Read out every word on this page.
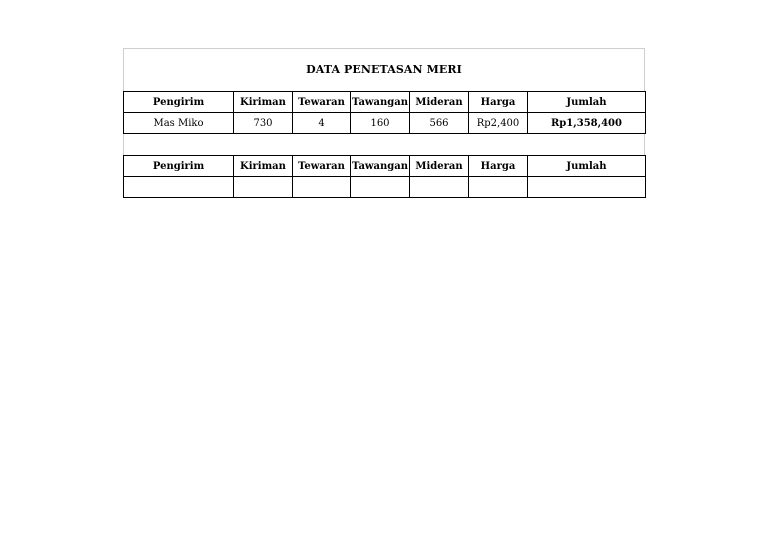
DATA PENETASAN MERI
Pengirim	Kiriman	Tewaran	Tawangan	Mideran	Harga	Jumlah
Mas Miko	730	4	160	566	Rp2,400	Rp1,358,400
Pengirim	Kiriman	Tewaran	Tawangan	Mideran	Harga	Jumlah
